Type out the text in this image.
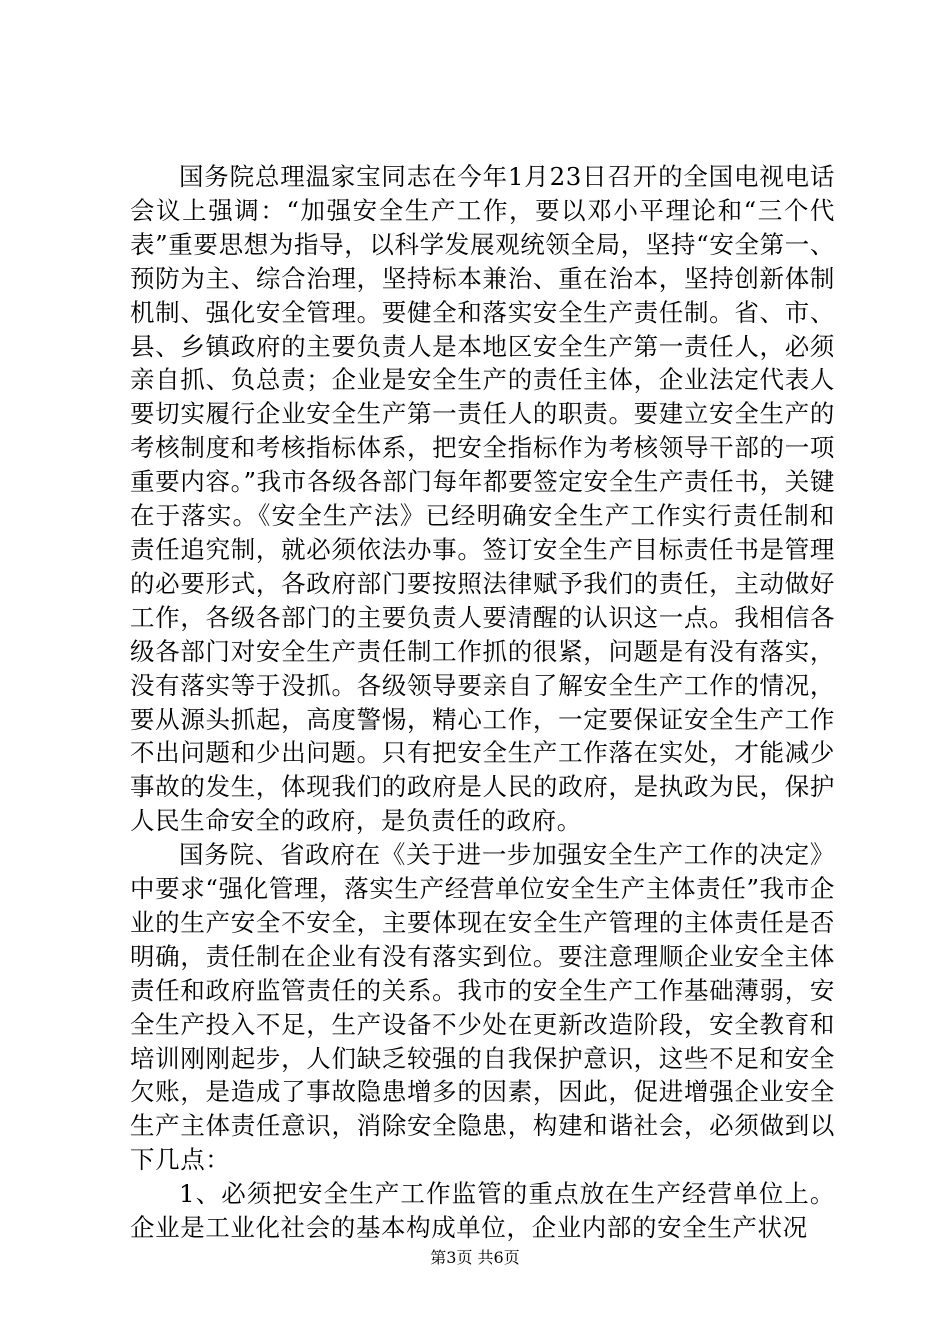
国务院总理温家宝同志在今年1月23日召开的全国电视电话会议上强调：“加强安全生产工作，要以邓小平理论和“三个代表”重要思想为指导，以科学发展观统领全局，坚持“安全第一、预防为主、综合治理，坚持标本兼治、重在治本，坚持创新体制机制、强化安全管理。要健全和落实安全生产责任制。省、市、县、乡镇政府的主要负责人是本地区安全生产第一责任人，必须亲自抓、负总责；企业是安全生产的责任主体，企业法定代表人要切实履行企业安全生产第一责任人的职责。要建立安全生产的考核制度和考核指标体系，把安全指标作为考核领导干部的一项重要内容。”我市各级各部门每年都要签定安全生产责任书，关键在于落实。《安全生产法》已经明确安全生产工作实行责任制和责任追究制，就必须依法办事。签订安全生产目标责任书是管理的必要形式，各政府部门要按照法律赋予我们的责任，主动做好工作，各级各部门的主要负责人要清醒的认识这一点。我相信各级各部门对安全生产责任制工作抓的很紧，问题是有没有落实，没有落实等于没抓。各级领导要亲自了解安全生产工作的情况，要从源头抓起，高度警惕，精心工作，一定要保证安全生产工作不出问题和少出问题。只有把安全生产工作落在实处，才能减少事故的发生，体现我们的政府是人民的政府，是执政为民，保护人民生命安全的政府，是负责任的政府。

国务院、省政府在《关于进一步加强安全生产工作的决定》中要求“强化管理，落实生产经营单位安全生产主体责任”我市企业的生产安全不安全，主要体现在安全生产管理的主体责任是否明确，责任制在企业有没有落实到位。要注意理顺企业安全主体责任和政府监管责任的关系。我市的安全生产工作基础薄弱，安全生产投入不足，生产设备不少处在更新改造阶段，安全教育和培训刚刚起步，人们缺乏较强的自我保护意识，这些不足和安全欠账，是造成了事故隐患增多的因素，因此，促进增强企业安全生产主体责任意识，消除安全隐患，构建和谐社会，必须做到以下几点：

1、必须把安全生产工作监管的重点放在生产经营单位上。企业是工业化社会的基本构成单位，企业内部的安全生产状况

第3页 共6页
